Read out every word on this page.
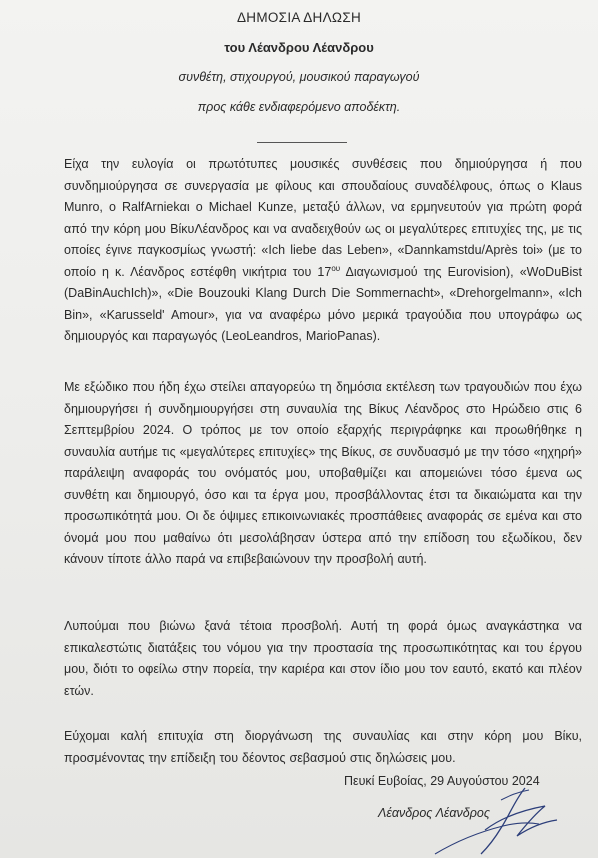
ΔΗΜΟΣΙΑ ΔΗΛΩΣΗ
του Λέανδρου Λέανδρου
συνθέτη, στιχουργού, μουσικού παραγωγού
προς κάθε ενδιαφερόμενο αποδέκτη.
Είχα την ευλογία οι πρωτότυπες μουσικές συνθέσεις που δημιούργησα ή που συνδημιούργησα σε συνεργασία με φίλους και σπουδαίους συναδέλφους, όπως ο Klaus Munro, ο RalfArniekαι ο Michael Kunze, μεταξύ άλλων, να ερμηνευτούν για πρώτη φορά από την κόρη μου BίκυΛέανδρος και να αναδειχθούν ως οι μεγαλύτερες επιτυχίες της, με τις οποίες έγινε παγκοσμίως γνωστή: «Ich liebe das Leben», «Dannkamstdu/Après toi» (με το οποίο η κ. Λέανδρος εστέφθη νικήτρια του $17^{o\upsilon}$ Διαγωνισμού της Eurovision), «WoDuBist (DaBinAuchIch)», «Die Bouzouki Klang Durch Die Sommernacht», «Drehorgelmann», «Ich Bin», «Karusseld' Amour», για να αναφέρω μόνο μερικά τραγούδια που υπογράφω ως δημιουργός και παραγωγός (LeoLeandros, MarioPanas).
Με εξώδικο που ήδη έχω στείλει απαγορεύω τη δημόσια εκτέλεση των τραγουδιών που έχω δημιουργήσει ή συνδημιουργήσει στη συναυλία της Βίκυς Λέανδρος στο Ηρώδειο στις 6 Σεπτεμβρίου 2024. Ο τρόπος με τον οποίο εξαρχής περιγράφηκε και προωθήθηκε η συναυλία αυτήμε τις «μεγαλύτερες επιτυχίες» της Βίκυς, σε συνδυασμό με την τόσο «ηχηρή» παράλειψη αναφοράς του ονόματός μου, υποβαθμίζει και απομειώνει τόσο έμενα ως συνθέτη και δημιουργό, όσο και τα έργα μου, προσβάλλοντας έτσι τα δικαιώματα και την προσωπικότητά μου. Οι δε όψιμες επικοινωνιακές προσπάθειες αναφοράς σε εμένα και στο όνομά μου που μαθαίνω ότι μεσολάβησαν ύστερα από την επίδοση του εξωδίκου, δεν κάνουν τίποτε άλλο παρά να επιβεβαιώνουν την προσβολή αυτή.
Λυπούμαι που βιώνω ξανά τέτοια προσβολή. Αυτή τη φορά όμως αναγκάστηκα να επικαλεστώτις διατάξεις του νόμου για την προστασία της προσωπικότητας και του έργου μου, διότι το οφείλω στην πορεία, την καριέρα και στον ίδιο μου τον εαυτό, εκατό και πλέον ετών.
Εύχομαι καλή επιτυχία στη διοργάνωση της συναυλίας και στην κόρη μου Βίκυ, προσμένοντας την επίδειξη του δέοντος σεβασμού στις δηλώσεις μου.
Πευκί Ευβοίας, 29 Αυγούστου 2024
Λέανδρος Λέανδρος
